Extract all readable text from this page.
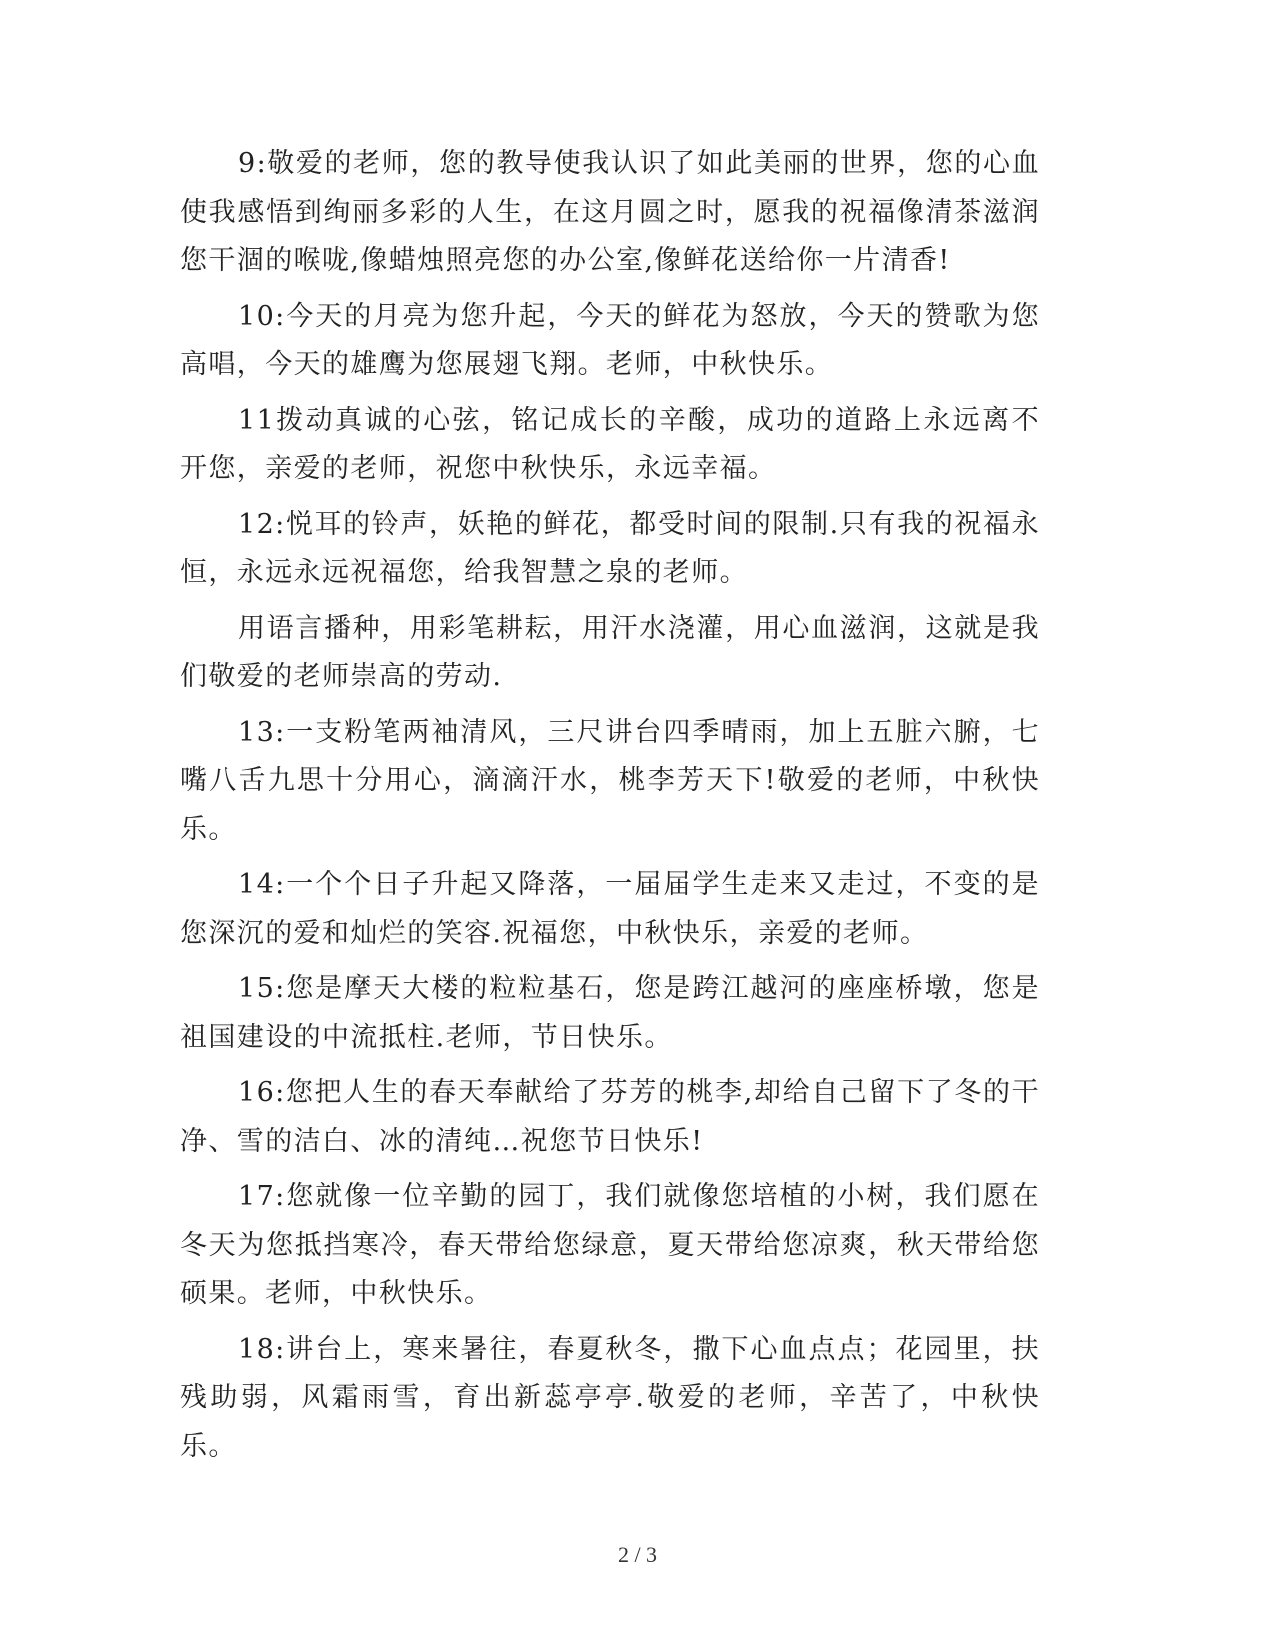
9:敬爱的老师，您的教导使我认识了如此美丽的世界，您的心血使我感悟到绚丽多彩的人生，在这月圆之时，愿我的祝福像清茶滋润您干涸的喉咙,像蜡烛照亮您的办公室,像鲜花送给你一片清香!

10:今天的月亮为您升起，今天的鲜花为怒放，今天的赞歌为您高唱，今天的雄鹰为您展翅飞翔。老师，中秋快乐。

11拨动真诚的心弦，铭记成长的辛酸，成功的道路上永远离不开您，亲爱的老师，祝您中秋快乐，永远幸福。

12:悦耳的铃声，妖艳的鲜花，都受时间的限制.只有我的祝福永恒，永远永远祝福您，给我智慧之泉的老师。

用语言播种，用彩笔耕耘，用汗水浇灌，用心血滋润，这就是我们敬爱的老师崇高的劳动.

13:一支粉笔两袖清风，三尺讲台四季晴雨，加上五脏六腑，七嘴八舌九思十分用心，滴滴汗水，桃李芳天下!敬爱的老师，中秋快乐。

14:一个个日子升起又降落，一届届学生走来又走过，不变的是您深沉的爱和灿烂的笑容.祝福您，中秋快乐，亲爱的老师。

15:您是摩天大楼的粒粒基石，您是跨江越河的座座桥墩，您是祖国建设的中流抵柱.老师，节日快乐。

16:您把人生的春天奉献给了芬芳的桃李,却给自己留下了冬的干净、雪的洁白、冰的清纯…祝您节日快乐!

17:您就像一位辛勤的园丁，我们就像您培植的小树，我们愿在冬天为您抵挡寒冷，春天带给您绿意，夏天带给您凉爽，秋天带给您硕果。老师，中秋快乐。

18:讲台上，寒来暑往，春夏秋冬，撒下心血点点；花园里，扶残助弱，风霜雨雪，育出新蕊亭亭.敬爱的老师，辛苦了，中秋快乐。

2 / 3
